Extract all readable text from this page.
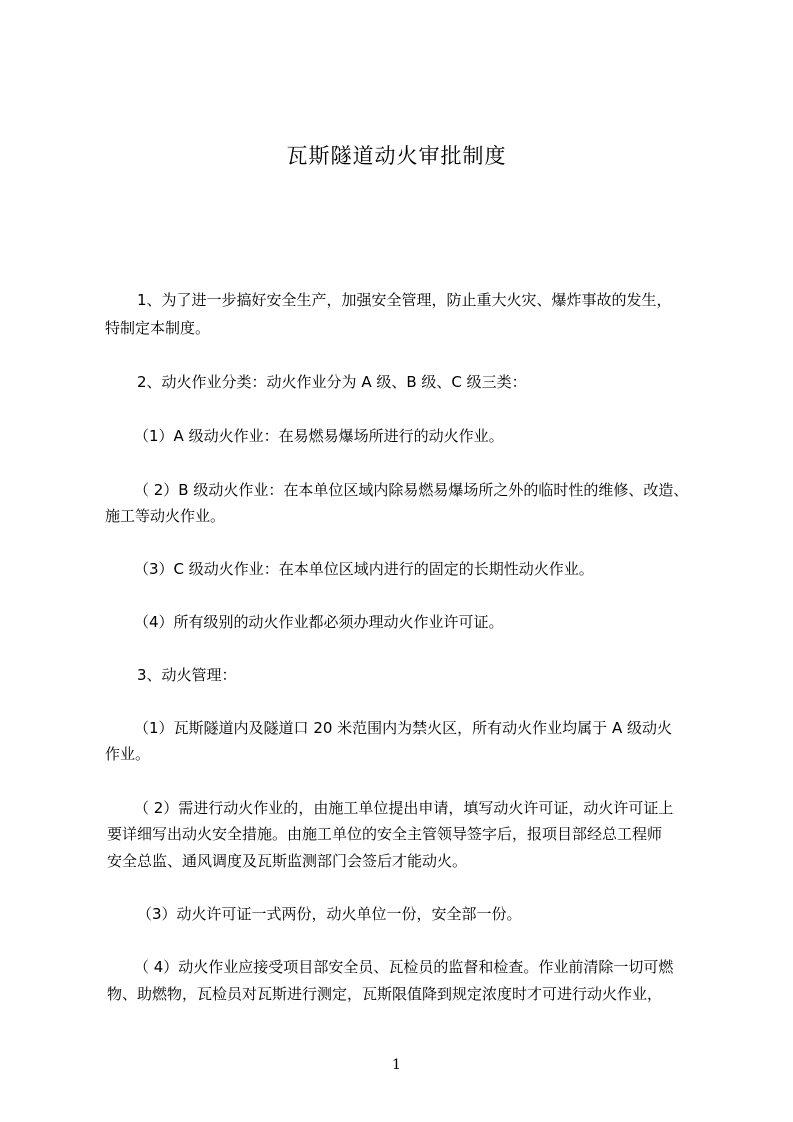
瓦斯隧道动火审批制度
1、为了进一步搞好安全生产，加强安全管理，防止重大火灾、爆炸事故的发生，
特制定本制度。
2、动火作业分类：动火作业分为 A 级、B 级、C 级三类：
（1）A 级动火作业：在易燃易爆场所进行的动火作业。
（ 2）B 级动火作业：在本单位区域内除易燃易爆场所之外的临时性的维修、改造、
施工等动火作业。
（3）C 级动火作业：在本单位区域内进行的固定的长期性动火作业。
（4）所有级别的动火作业都必须办理动火作业许可证。
3、动火管理：
（1）瓦斯隧道内及隧道口 20 米范围内为禁火区，所有动火作业均属于 A 级动火
作业。
（ 2）需进行动火作业的，由施工单位提出申请，填写动火许可证，动火许可证上
要详细写出动火安全措施。由施工单位的安全主管领导签字后，报项目部经总工程师
安全总监、通风调度及瓦斯监测部门会签后才能动火。
（3）动火许可证一式两份，动火单位一份，安全部一份。
（ 4）动火作业应接受项目部安全员、瓦检员的监督和检查。作业前清除一切可燃
物、助燃物，瓦检员对瓦斯进行测定，瓦斯限值降到规定浓度时才可进行动火作业，
1
